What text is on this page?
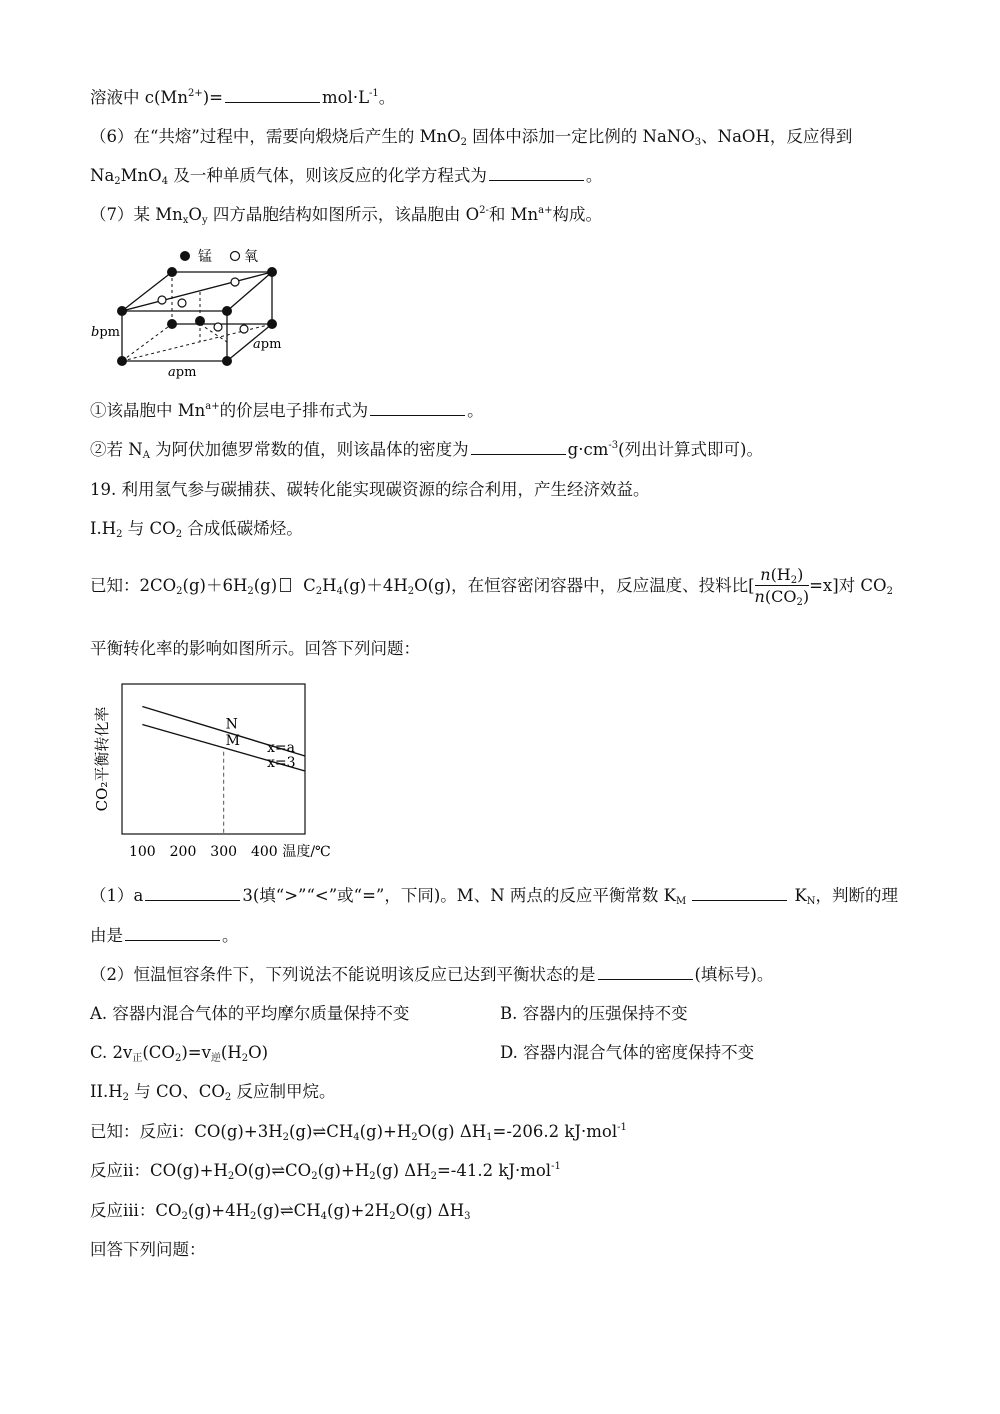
溶液中 $c(Mn^{2+})=$	$mol\cdot L^{-1}$。
（6）在“共熔”过程中，需要向煅烧后产生的 MnO$_2$ 固体中添加一定比例的 NaNO$_3$、NaOH，反应得到
$Na_2MnO_4$ 及一种单质气体，则该反应的化学方程式为	。
（7）某 $Mn_xO_y$ 四方晶胞结构如图所示，该晶胞由 $O^{2-}$和 $Mn^{a+}$构成。
锰 氧
bpm
apm
apm
①该晶胞中 $Mn^{a+}$的价层电子排布式为	。
②若 $N_A$ 为阿伏加德罗常数的值，则该晶体的密度为	$g\cdot cm^{-3}$(列出计算式即可)。
19. 利用氢气参与碳捕获、碳转化能实现碳资源的综合利用，产生经济效益。
$I.H_2$ 与 $CO_2$ 合成低碳烯烃。
已知：$2CO_2(g)+6H_2(g)$ $C_2H_4(g)+4H_2O(g)$，在恒容密闭容器中，反应温度、投料比[ $\frac{n(H_2)}{n(CO_2)} =x$]对 $CO_2$
平衡转化率的影响如图所示。回答下列问题：
x=a
x=3
N
M
100 200 300 400 温度/℃
CO₂平衡转化率
（1）a	3(填“>”“<”或“=”，下同)。M、N 两点的反应平衡常数 $K_M$	$K_N$，判断的理
由是	。
（2）恒温恒容条件下，下列说法不能说明该反应已达到平衡状态的是	(填标号)。
A. 容器内混合气体的平均摩尔质量保持不变	B. 容器内的压强保持不变
C. $2v_正(CO_2)=v_逆(H_2O)$	D. 容器内混合气体的密度保持不变
$II.H_2$ 与 CO、$CO_2$ 反应制甲烷。
已知：反应i：$CO(g)+3H_2(g)\rightleftharpoons CH_4(g)+H_2O(g)$ $\Delta H_1=-206.2$ kJ·mol$^{-1}$
反应ii：$CO(g)+H_2O(g)\rightleftharpoons CO_2(g)+H_2(g)$ $\Delta H_2=-41.2$ kJ·mol$^{-1}$
反应iii：$CO_2(g)+4H_2(g)\rightleftharpoons CH_4(g)+2H_2O(g)$ $\Delta H_3$
回答下列问题：
